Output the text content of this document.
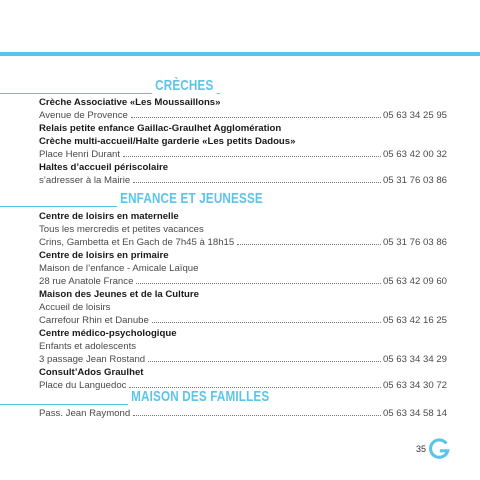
CRÈCHES
Crèche Associative «Les Moussaillons»
Avenue de Provence	05 63 34 25 95
Relais petite enfance Gaillac-Graulhet Agglomération
Crèche multi-accueil/Halte garderie «Les petits Dadous»
Place Henri Durant	05 63 42 00 32
Haltes d’accueil périscolaire
s’adresser à la Mairie	05 31 76 03 86
ENFANCE ET JEUNESSE
Centre de loisirs en maternelle
Tous les mercredis et petites vacances
Crins, Gambetta et En Gach de 7h45 à 18h15	05 31 76 03 86
Centre de loisirs en primaire
Maison de l’enfance - Amicale Laïque
28 rue Anatole France	05 63 42 09 60
Maison des Jeunes et de la Culture
Accueil de loisirs
Carrefour Rhin et Danube	05 63 42 16 25
Centre médico-psychologique
Enfants et adolescents
3 passage Jean Rostand	05 63 34 34 29
Consult’Ados Graulhet
Place du Languedoc	05 63 34 30 72
MAISON DES FAMILLES
Pass. Jean Raymond	05 63 34 58 14
35
